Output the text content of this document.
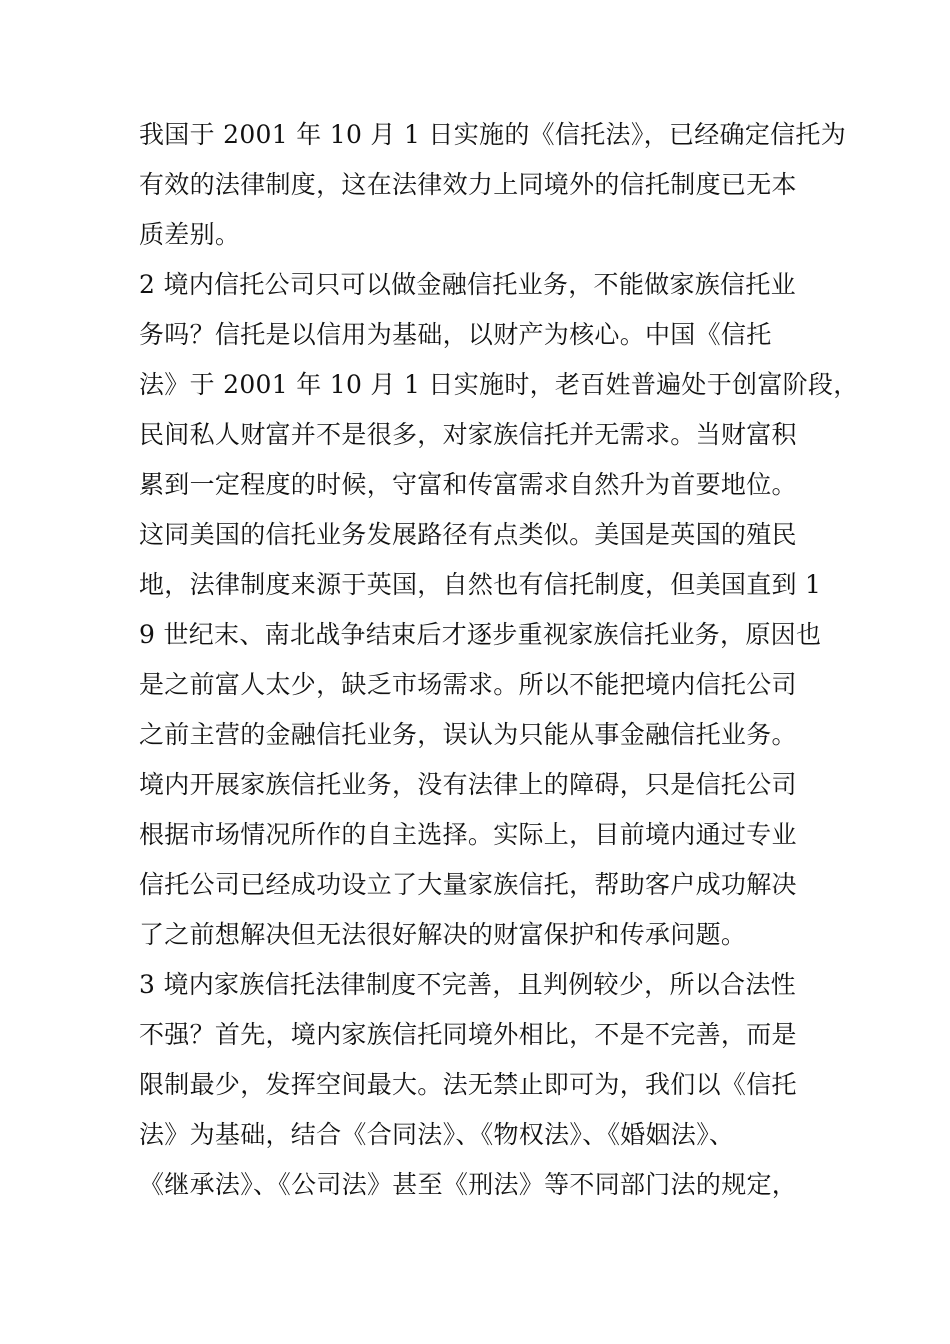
我国于 2001 年 10 月 1 日实施的《信托法》，已经确定信托为
有效的法律制度，这在法律效力上同境外的信托制度已无本
质差别。
2 境内信托公司只可以做金融信托业务，不能做家族信托业
务吗？信托是以信用为基础，以财产为核心。中国《信托
法》于 2001 年 10 月 1 日实施时，老百姓普遍处于创富阶段，
民间私人财富并不是很多，对家族信托并无需求。当财富积
累到一定程度的时候，守富和传富需求自然升为首要地位。
这同美国的信托业务发展路径有点类似。美国是英国的殖民
地，法律制度来源于英国，自然也有信托制度，但美国直到 1
9 世纪末、南北战争结束后才逐步重视家族信托业务，原因也
是之前富人太少，缺乏市场需求。所以不能把境内信托公司
之前主营的金融信托业务，误认为只能从事金融信托业务。
境内开展家族信托业务，没有法律上的障碍，只是信托公司
根据市场情况所作的自主选择。实际上，目前境内通过专业
信托公司已经成功设立了大量家族信托，帮助客户成功解决
了之前想解决但无法很好解决的财富保护和传承问题。
3 境内家族信托法律制度不完善，且判例较少，所以合法性
不强？首先，境内家族信托同境外相比，不是不完善，而是
限制最少，发挥空间最大。法无禁止即可为，我们以《信托
法》为基础，结合《合同法》、《物权法》、《婚姻法》、
《继承法》、《公司法》甚至《刑法》等不同部门法的规定，
